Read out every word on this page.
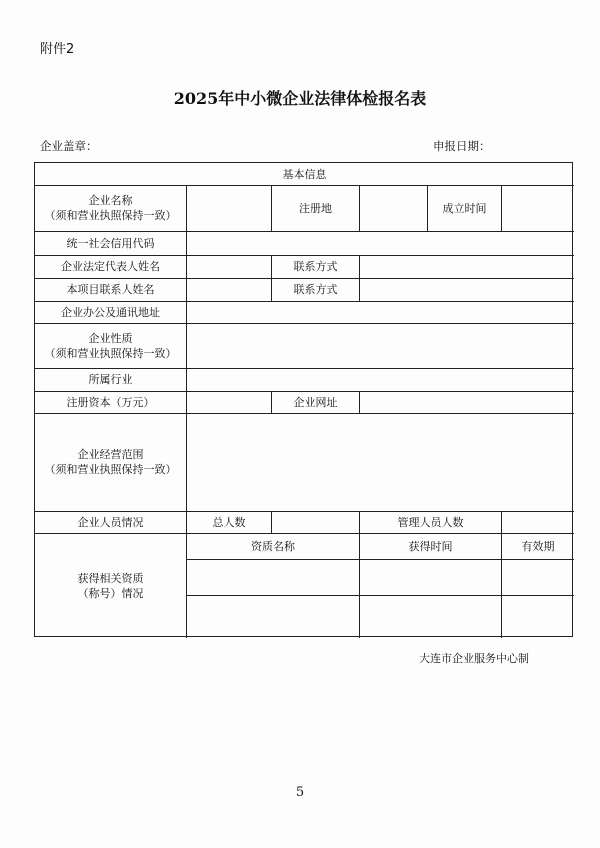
附件2
2025年中小微企业法律体检报名表
企业盖章：	申报日期：
基本信息
企业名称
（须和营业执照保持一致）
注册地	成立时间
统一社会信用代码
企业法定代表人姓名	联系方式
本项目联系人姓名	联系方式
企业办公及通讯地址
企业性质
（须和营业执照保持一致）
所属行业
注册资本（万元）	企业网址
企业经营范围
（须和营业执照保持一致）
企业人员情况	总人数	管理人员人数
获得相关资质
（称号）情况
资质名称	获得时间	有效期
大连市企业服务中心制
5
